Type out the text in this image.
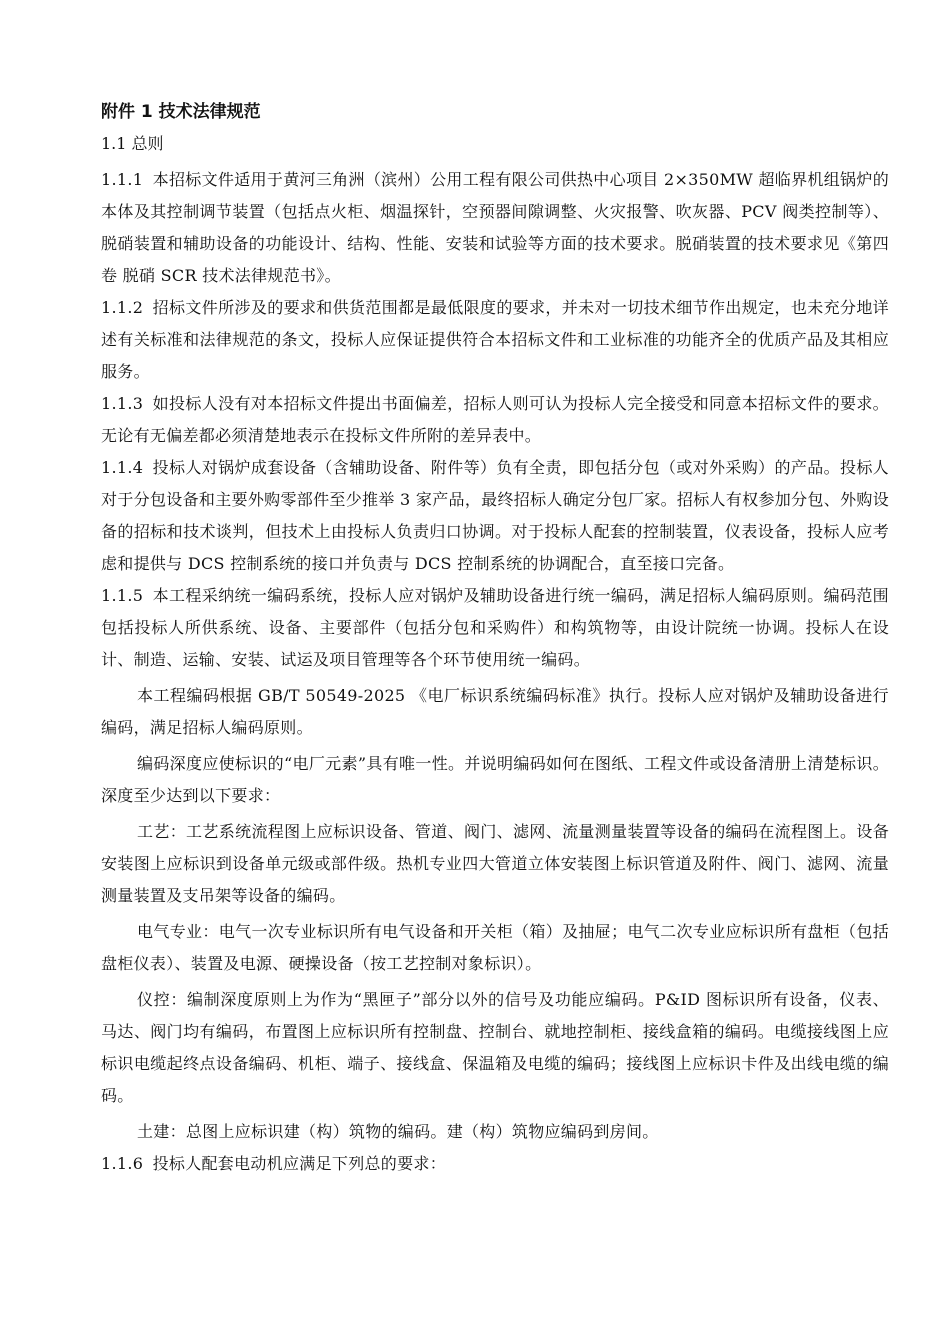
附件 1 技术法律规范
1.1 总则
1.1.1 本招标文件适用于黄河三角洲（滨州）公用工程有限公司供热中心项目 2×350MW 超临界机组锅炉的本体及其控制调节装置（包括点火柜、烟温探针，空预器间隙调整、火灾报警、吹灰器、PCV 阀类控制等）、脱硝装置和辅助设备的功能设计、结构、性能、安装和试验等方面的技术要求。脱硝装置的技术要求见《第四卷 脱硝 SCR 技术法律规范书》。
1.1.2 招标文件所涉及的要求和供货范围都是最低限度的要求，并未对一切技术细节作出规定，也未充分地详述有关标准和法律规范的条文，投标人应保证提供符合本招标文件和工业标准的功能齐全的优质产品及其相应服务。
1.1.3 如投标人没有对本招标文件提出书面偏差，招标人则可认为投标人完全接受和同意本招标文件的要求。无论有无偏差都必须清楚地表示在投标文件所附的差异表中。
1.1.4 投标人对锅炉成套设备（含辅助设备、附件等）负有全责，即包括分包（或对外采购）的产品。投标人对于分包设备和主要外购零部件至少推举 3 家产品，最终招标人确定分包厂家。招标人有权参加分包、外购设备的招标和技术谈判，但技术上由投标人负责归口协调。对于投标人配套的控制装置，仪表设备，投标人应考虑和提供与 DCS 控制系统的接口并负责与 DCS 控制系统的协调配合，直至接口完备。
1.1.5 本工程采纳统一编码系统，投标人应对锅炉及辅助设备进行统一编码，满足招标人编码原则。编码范围包括投标人所供系统、设备、主要部件（包括分包和采购件）和构筑物等，由设计院统一协调。投标人在设计、制造、运输、安装、试运及项目管理等各个环节使用统一编码。
本工程编码根据 GB/T 50549-2025 《电厂标识系统编码标准》执行。投标人应对锅炉及辅助设备进行编码，满足招标人编码原则。
编码深度应使标识的“电厂元素”具有唯一性。并说明编码如何在图纸、工程文件或设备清册上清楚标识。深度至少达到以下要求：
工艺：工艺系统流程图上应标识设备、管道、阀门、滤网、流量测量装置等设备的编码在流程图上。设备安装图上应标识到设备单元级或部件级。热机专业四大管道立体安装图上标识管道及附件、阀门、滤网、流量测量装置及支吊架等设备的编码。
电气专业：电气一次专业标识所有电气设备和开关柜（箱）及抽屉；电气二次专业应标识所有盘柜（包括盘柜仪表）、装置及电源、硬操设备（按工艺控制对象标识）。
仪控：编制深度原则上为作为“黑匣子”部分以外的信号及功能应编码。P&ID 图标识所有设备，仪表、马达、阀门均有编码，布置图上应标识所有控制盘、控制台、就地控制柜、接线盒箱的编码。电缆接线图上应标识电缆起终点设备编码、机柜、端子、接线盒、保温箱及电缆的编码；接线图上应标识卡件及出线电缆的编码。
土建：总图上应标识建（构）筑物的编码。建（构）筑物应编码到房间。
1.1.6 投标人配套电动机应满足下列总的要求：
